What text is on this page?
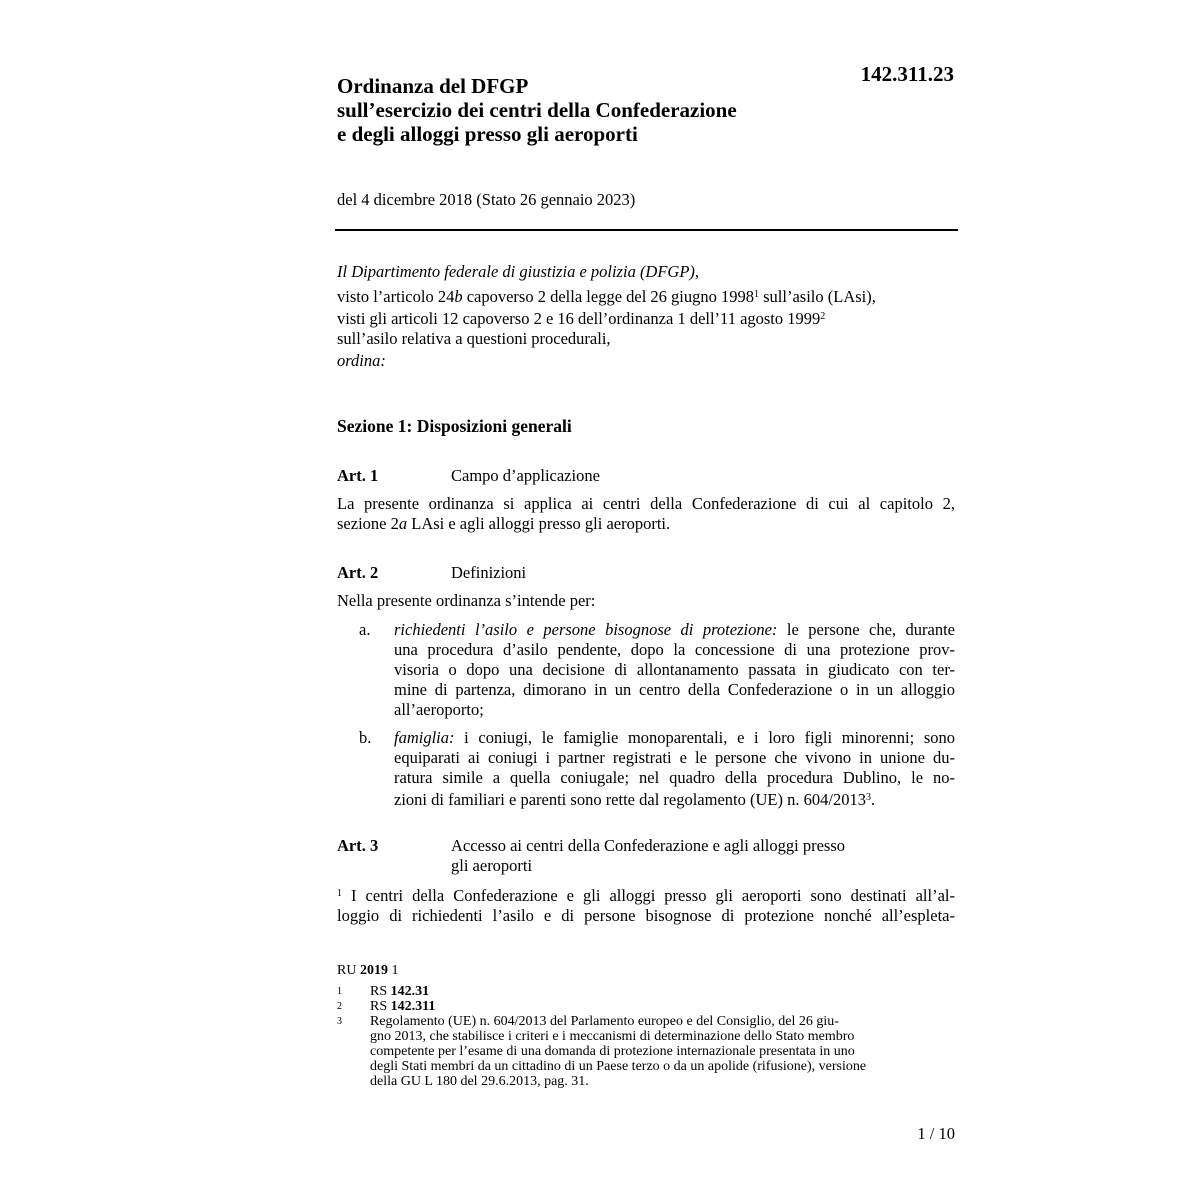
142.311.23
Ordinanza del DFGP
sull’esercizio dei centri della Confederazione
e degli alloggi presso gli aeroporti
del 4 dicembre 2018 (Stato 26 gennaio 2023)
Il Dipartimento federale di giustizia e polizia (DFGP),
visto l’articolo 24b capoverso 2 della legge del 26 giugno 1998$^1$ sull’asilo (LAsi),
visti gli articoli 12 capoverso 2 e 16 dell’ordinanza 1 dell’11 agosto 1999$^2$
sull’asilo relativa a questioni procedurali,
ordina:
Sezione 1: Disposizioni generali
Art. 1	Campo d’applicazione
La presente ordinanza si applica ai centri della Confederazione di cui al capitolo 2,
sezione 2a LAsi e agli alloggi presso gli aeroporti.
Art. 2	Definizioni
Nella presente ordinanza s’intende per:
a. richiedenti l’asilo e persone bisognose di protezione: le persone che, durante
una procedura d’asilo pendente, dopo la concessione di una protezione prov-
visoria o dopo una decisione di allontanamento passata in giudicato con ter-
mine di partenza, dimorano in un centro della Confederazione o in un alloggio
all’aeroporto;
b. famiglia: i coniugi, le famiglie monoparentali, e i loro figli minorenni; sono
equiparati ai coniugi i partner registrati e le persone che vivono in unione du-
ratura simile a quella coniugale; nel quadro della procedura Dublino, le no-
zioni di familiari e parenti sono rette dal regolamento (UE) n. 604/2013$^3$.
Art. 3	Accesso ai centri della Confederazione e agli alloggi presso
gli aeroporti
$^1$ I centri della Confederazione e gli alloggi presso gli aeroporti sono destinati all’al-
loggio di richiedenti l’asilo e di persone bisognose di protezione nonché all’espleta-
RU 2019 1
1 RS 142.31
2 RS 142.311
3 Regolamento (UE) n. 604/2013 del Parlamento europeo e del Consiglio, del 26 giu-
gno 2013, che stabilisce i criteri e i meccanismi di determinazione dello Stato membro
competente per l’esame di una domanda di protezione internazionale presentata in uno
degli Stati membri da un cittadino di un Paese terzo o da un apolide (rifusione), versione
della GU L 180 del 29.6.2013, pag. 31.
1 / 10
